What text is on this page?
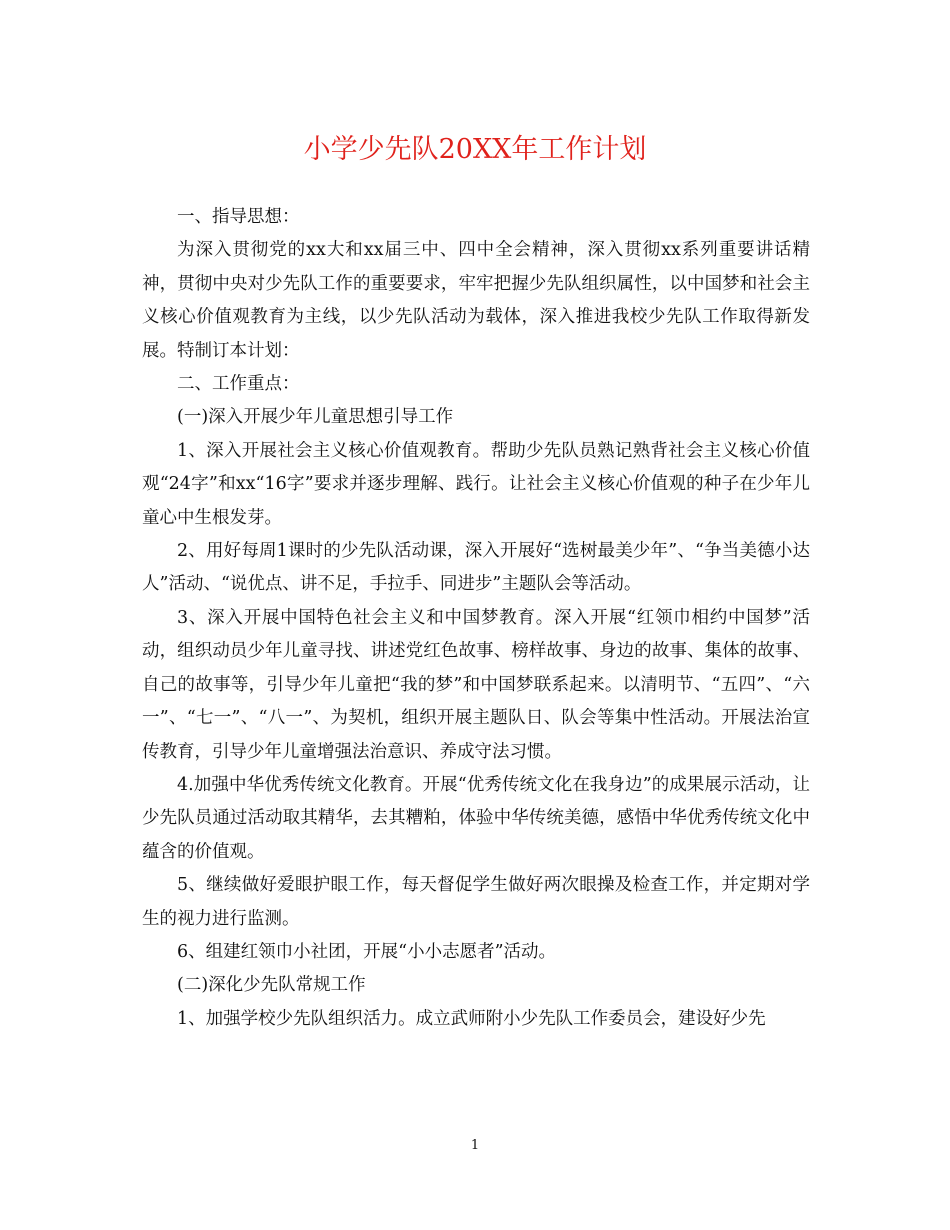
小学少先队20XX年工作计划

一、指导思想：

为深入贯彻党的xx大和xx届三中、四中全会精神，深入贯彻xx系列重要讲话精神，贯彻中央对少先队工作的重要要求，牢牢把握少先队组织属性，以中国梦和社会主义核心价值观教育为主线，以少先队活动为载体，深入推进我校少先队工作取得新发展。特制订本计划：

二、工作重点：

(一)深入开展少年儿童思想引导工作

1、深入开展社会主义核心价值观教育。帮助少先队员熟记熟背社会主义核心价值观“24字”和xx“16字”要求并逐步理解、践行。让社会主义核心价值观的种子在少年儿童心中生根发芽。

2、用好每周1课时的少先队活动课，深入开展好“选树最美少年”、“争当美德小达人”活动、“说优点、讲不足，手拉手、同进步”主题队会等活动。

3、深入开展中国特色社会主义和中国梦教育。深入开展“红领巾相约中国梦”活动，组织动员少年儿童寻找、讲述党红色故事、榜样故事、身边的故事、集体的故事、自己的故事等，引导少年儿童把“我的梦”和中国梦联系起来。以清明节、“五四”、“六一”、“七一”、“八一”、为契机，组织开展主题队日、队会等集中性活动。开展法治宣传教育，引导少年儿童增强法治意识、养成守法习惯。

4.加强中华优秀传统文化教育。开展“优秀传统文化在我身边”的成果展示活动，让少先队员通过活动取其精华，去其糟粕，体验中华传统美德，感悟中华优秀传统文化中蕴含的价值观。

5、继续做好爱眼护眼工作，每天督促学生做好两次眼操及检查工作，并定期对学生的视力进行监测。

6、组建红领巾小社团，开展“小小志愿者”活动。

(二)深化少先队常规工作

1、加强学校少先队组织活力。成立武师附小少先队工作委员会，建设好少先

1
